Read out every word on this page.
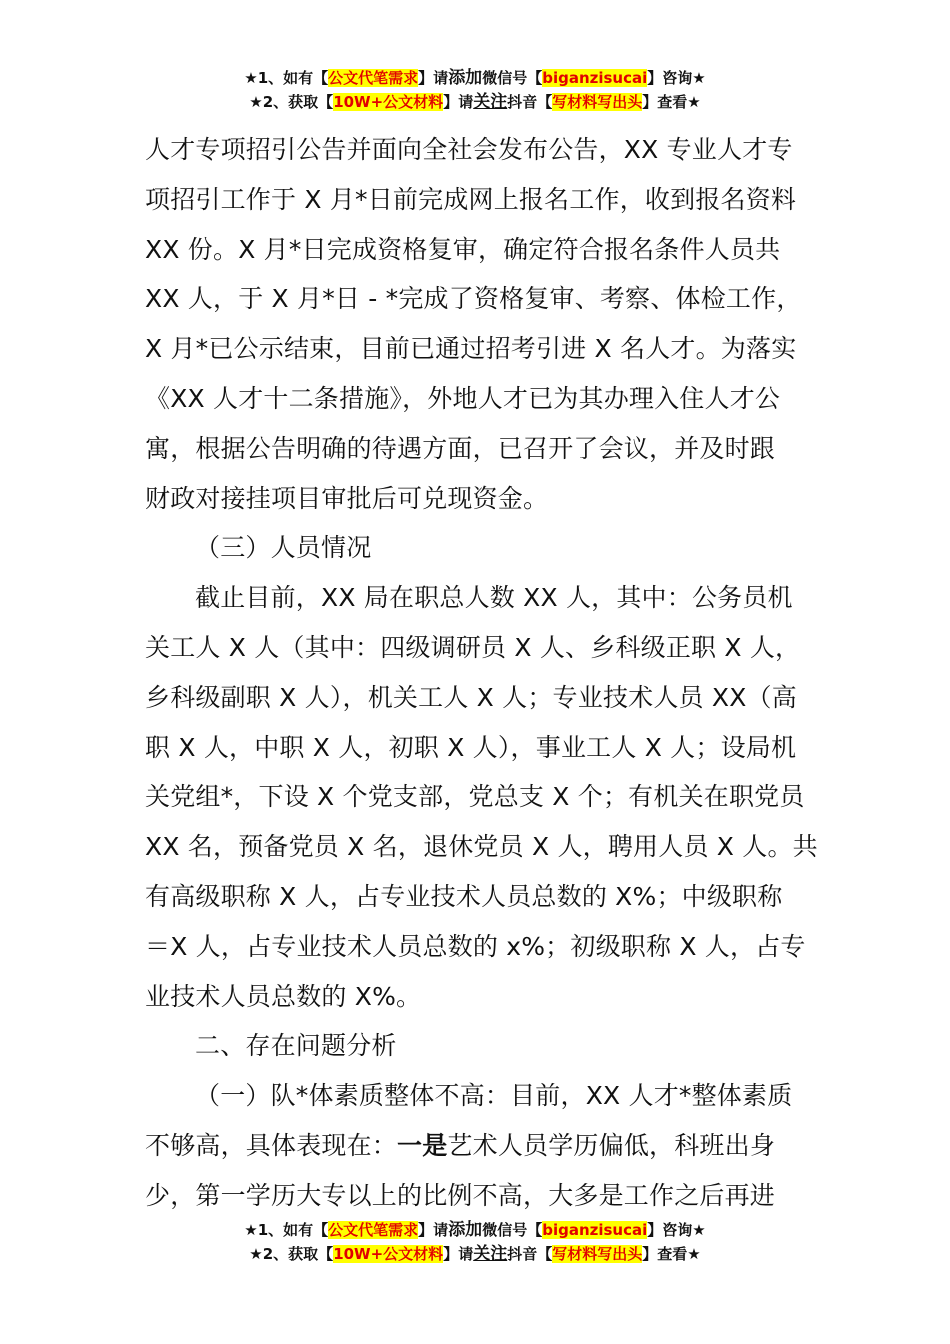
★1、如有【公文代笔需求】请添加微信号【biganzisucai】咨询★
★2、获取【10W+公文材料】请关注抖音【写材料写出头】查看★
人才专项招引公告并面向全社会发布公告，XX 专业人才专
项招引工作于 X 月*日前完成网上报名工作，收到报名资料
XX 份。X 月*日完成资格复审，确定符合报名条件人员共
XX 人，于 X 月*日 - *完成了资格复审、考察、体检工作，
X 月*已公示结束，目前已通过招考引进 X 名人才。为落实
《XX 人才十二条措施》，外地人才已为其办理入住人才公
寓，根据公告明确的待遇方面，已召开了会议，并及时跟
财政对接挂项目审批后可兑现资金。
（三）人员情况
截止目前，XX 局在职总人数 XX 人，其中：公务员机
关工人 X 人（其中：四级调研员 X 人、乡科级正职 X 人，
乡科级副职 X 人），机关工人 X 人；专业技术人员 XX（高
职 X 人，中职 X 人，初职 X 人），事业工人 X 人；设局机
关党组*，下设 X 个党支部，党总支 X 个；有机关在职党员
XX 名，预备党员 X 名，退休党员 X 人，聘用人员 X 人。共
有高级职称 X 人，占专业技术人员总数的 X%；中级职称
＝X 人，占专业技术人员总数的 x%；初级职称 X 人，占专
业技术人员总数的 X%。
二、存在问题分析
（一）队*体素质整体不高：目前，XX 人才*整体素质
不够高，具体表现在：一是艺术人员学历偏低，科班出身
少，第一学历大专以上的比例不高，大多是工作之后再进
★1、如有【公文代笔需求】请添加微信号【biganzisucai】咨询★
★2、获取【10W+公文材料】请关注抖音【写材料写出头】查看★
